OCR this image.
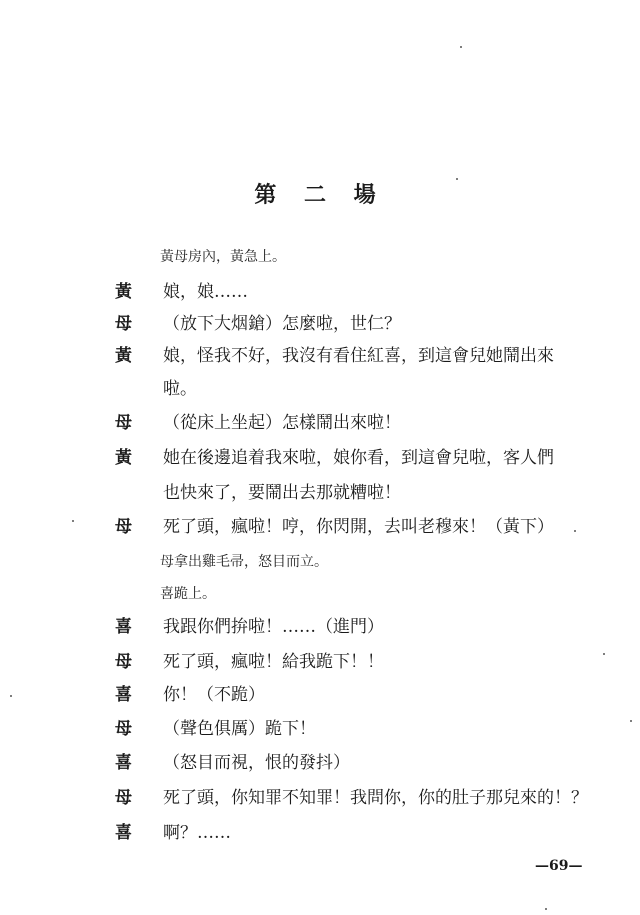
第 二 場
黃母房內，黃急上。
黃	娘，娘……
母	（放下大烟鎗）怎麼啦，世仁？
黃	娘，怪我不好，我沒有看住紅喜，到這會兒她鬧出來
啦。
母	（從床上坐起）怎樣鬧出來啦！
黃	她在後邊追着我來啦，娘你看，到這會兒啦，客人們
也快來了，要鬧出去那就糟啦！
母	死了頭，瘋啦！哼，你閃開，去叫老穆來！（黃下）
母拿出雞毛帚，怒目而立。
喜跪上。
喜	我跟你們拚啦！……（進門）
母	死了頭，瘋啦！給我跪下！！
喜	你！（不跪）
母	（聲色俱厲）跪下！
喜	（怒目而視，恨的發抖）
母	死了頭，你知罪不知罪！我問你，你的肚子那兒來的！？
喜	啊？……
—69—
